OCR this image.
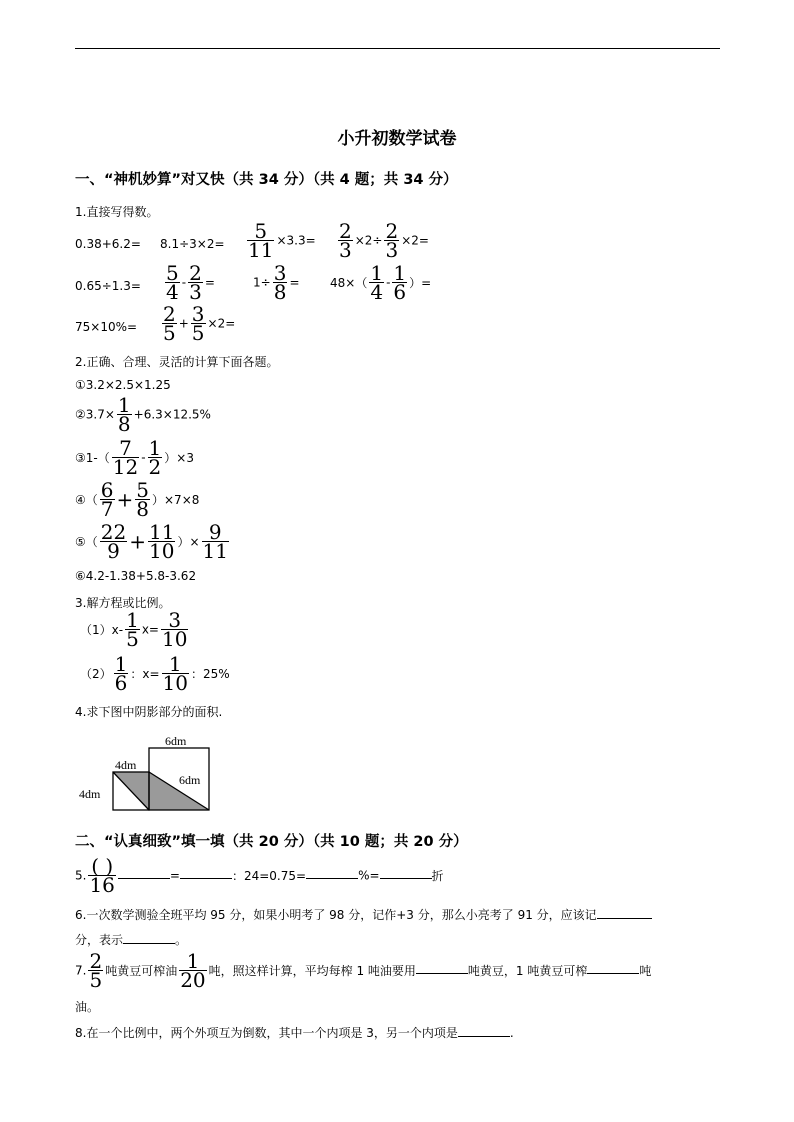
小升初数学试卷
一、“神机妙算”对又快（共 34 分）（共 4 题；共 34 分）
1.直接写得数。
$0.38+6.2= 8.1\div 3\times 2= \frac{5}{11} \times 3.3= \frac{2}{3} \times 2\div \frac{2}{3} \times 2=$
$0.65\div 1.3= \frac{5}{4} - \frac{2}{3}$ =	$1\div \frac{3}{8}$ =	$48\times( \frac{1}{4} - \frac{1}{6}$ ）=
$75\times 10\%= \frac{2}{5} + \frac{3}{5} \times 2=$
2.正确、合理、灵活的计算下面各题。
①3.2×2.5×1.25
②3.7× $\frac{1}{8} +6.3\times 12.5\%$
③1-（ $\frac{7}{12} - \frac{1}{2} )\times 3$
④（ $\frac{6}{7} + \frac{5}{8} )\times 7\times 8$
⑤（ $\frac{22}{9} + \frac{11}{10}$ ）× $\frac{9}{11}$
⑥4.2-1.38+5.8-3.62
3.解方程或比例。
$(1)x- \frac{1}{5} x= \frac{3}{10}$
$(2) \frac{1}{6}$ ：$x= \frac{1}{10}$ ：25%
4.求下图中阴影部分的面积.
6dm
4dm
4dm
6dm
二、“认真细致”填一填（共 20 分）（共 10 题；共 20 分）
5. ( )
16	=	：24=0.75=	%=	折
6.一次数学测验全班平均 95 分，如果小明考了 98 分，记作+3 分，那么小亮考了 91 分，应该记
分，表示	。
7. $\frac{2}{5}$ 吨黄豆可榨油 $\frac{1}{20}$ 吨，照这样计算，平均每榨 1 吨油要用	吨黄豆，1 吨黄豆可榨	吨
油。
8.在一个比例中，两个外项互为倒数，其中一个内项是 3，另一个内项是	.
